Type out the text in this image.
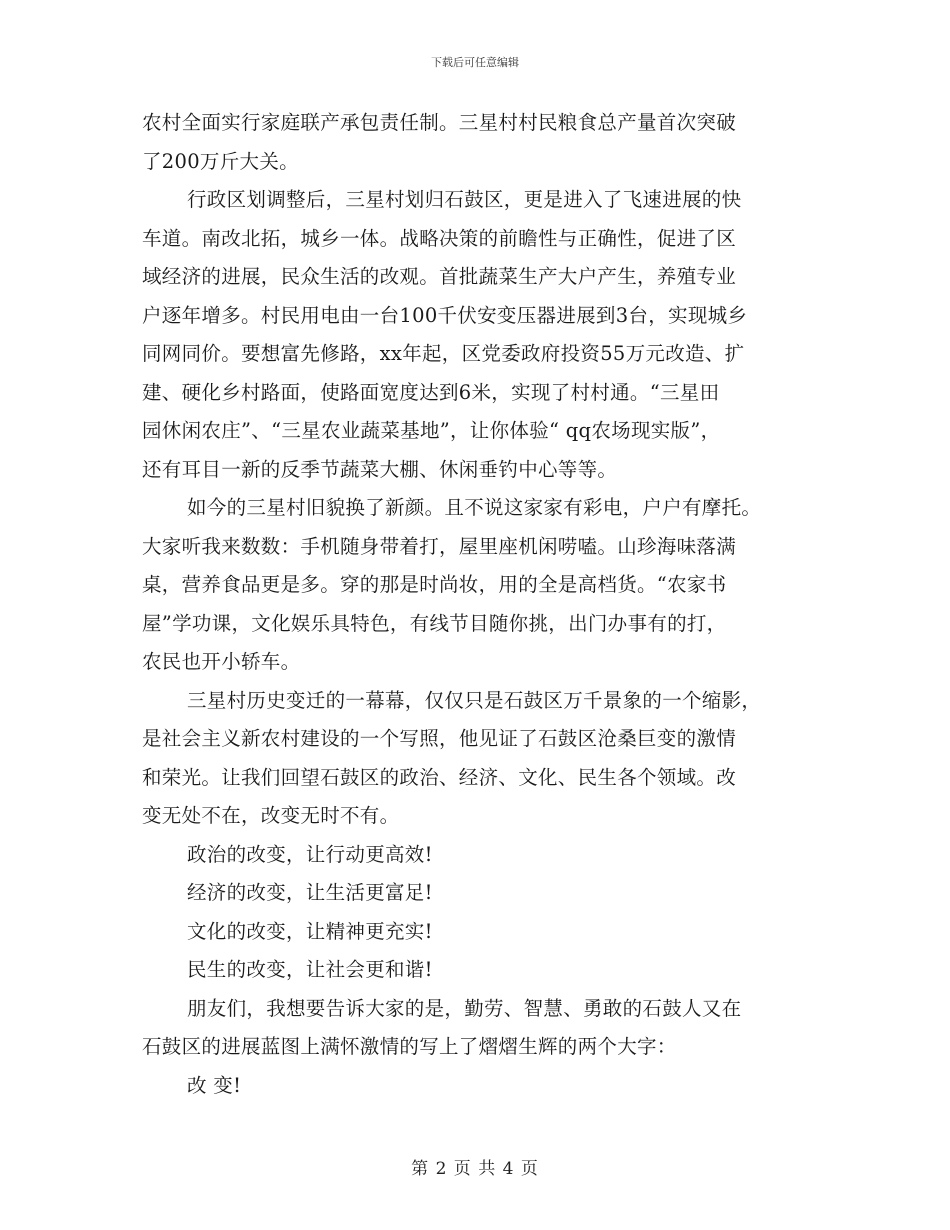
下载后可任意编辑

农村全面实行家庭联产承包责任制。三星村村民粮食总产量首次突破
了200万斤大关。
行政区划调整后，三星村划归石鼓区，更是进入了飞速进展的快
车道。南改北拓，城乡一体。战略决策的前瞻性与正确性，促进了区
域经济的进展，民众生活的改观。首批蔬菜生产大户产生，养殖专业
户逐年增多。村民用电由一台100千伏安变压器进展到3台，实现城乡
同网同价。要想富先修路，xx年起，区党委政府投资55万元改造、扩
建、硬化乡村路面，使路面宽度达到6米，实现了村村通。“三星田
园休闲农庄”、“三星农业蔬菜基地”，让你体验“ qq农场现实版”，
还有耳目一新的反季节蔬菜大棚、休闲垂钓中心等等。
如今的三星村旧貌换了新颜。且不说这家家有彩电，户户有摩托。
大家听我来数数：手机随身带着打，屋里座机闲唠嗑。山珍海味落满
桌，营养食品更是多。穿的那是时尚妆，用的全是高档货。“农家书
屋”学功课，文化娱乐具特色，有线节目随你挑，出门办事有的打，
农民也开小轿车。
三星村历史变迁的一幕幕，仅仅只是石鼓区万千景象的一个缩影，
是社会主义新农村建设的一个写照，他见证了石鼓区沧桑巨变的激情
和荣光。让我们回望石鼓区的政治、经济、文化、民生各个领域。改
变无处不在，改变无时不有。
政治的改变，让行动更高效!
经济的改变，让生活更富足!
文化的改变，让精神更充实!
民生的改变，让社会更和谐!
朋友们，我想要告诉大家的是，勤劳、智慧、勇敢的石鼓人又在
石鼓区的进展蓝图上满怀激情的写上了熠熠生辉的两个大字：
改 变!

第 2 页 共 4 页
